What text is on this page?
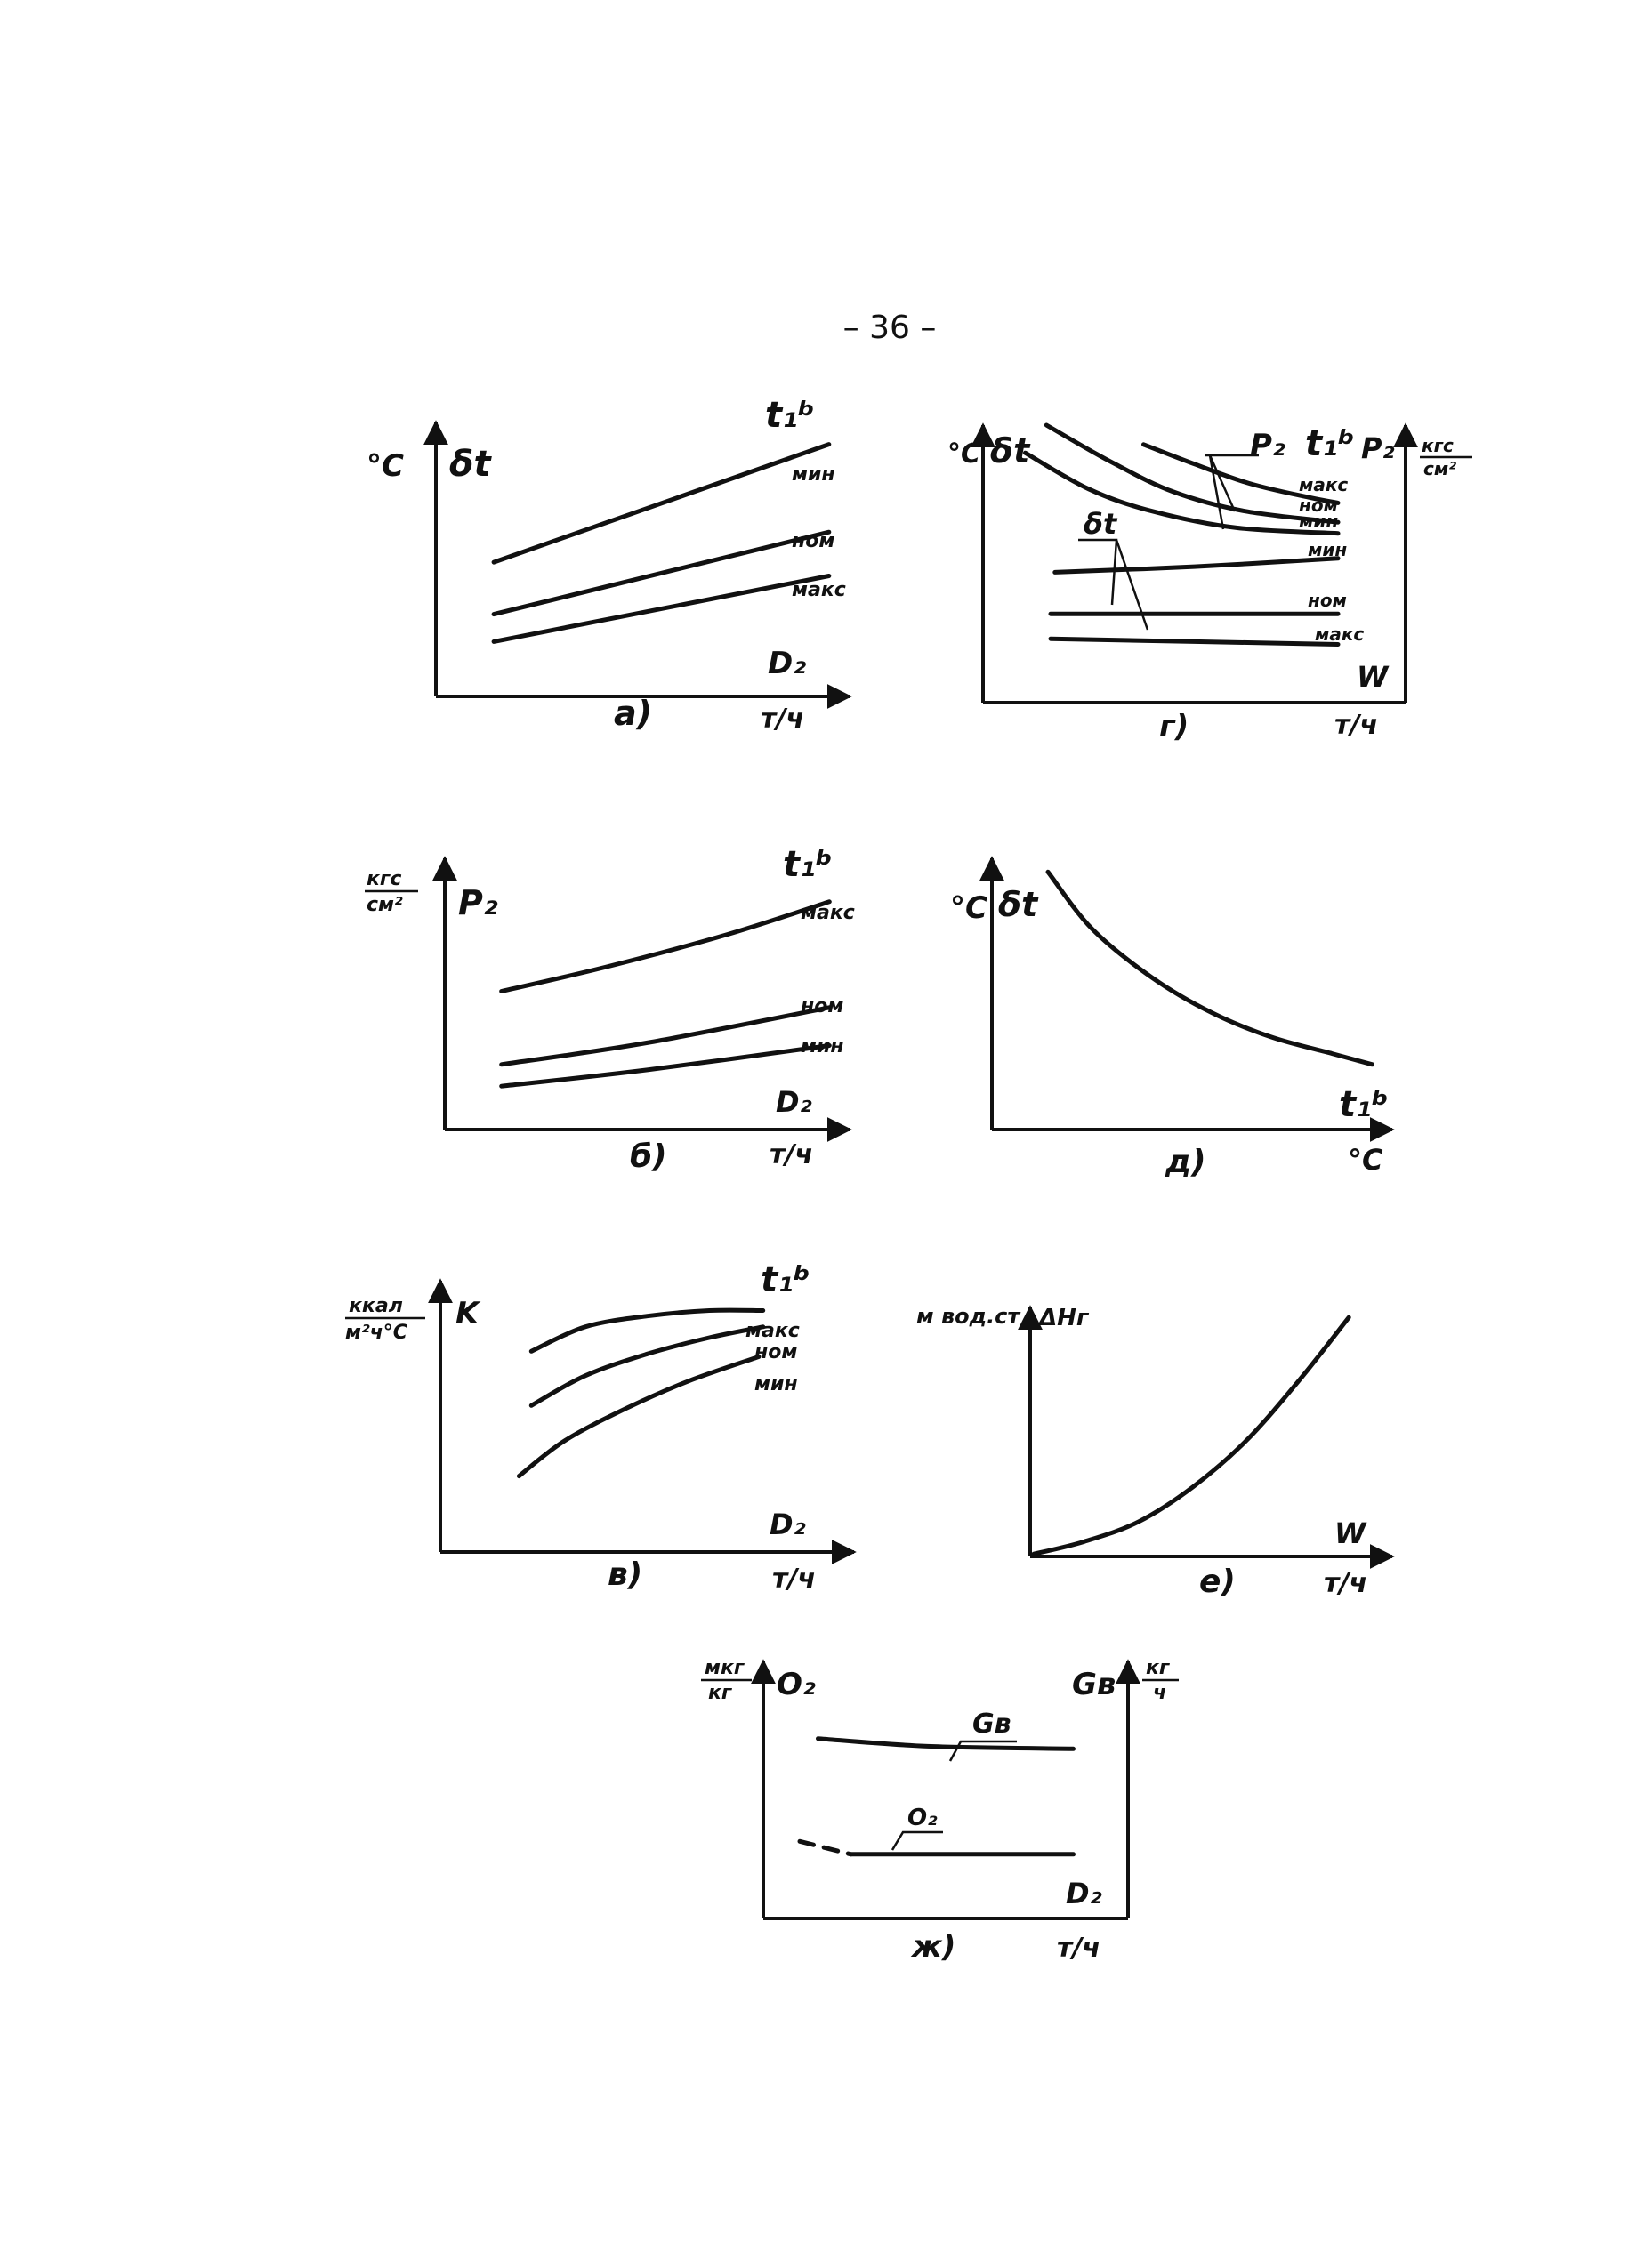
– 36 –
°C δt
t₁ᵇ
D₂
т/ч
а)
мин
ном
макс
°C δt	P₂ t₁ᵇ P₂ кгс
см²
δt
W
т/ч
г)
макс
ном
мин
мин
ном
макс
кгс
см² P₂
t₁ᵇ
D₂
т/ч
б)
макс
ном
мин
°C δt
t₁ᵇ
°C
д)
ккал
м²ч°C
K
t₁ᵇ
D₂
т/ч
в)
макс
ном
мин
м вод.ст ΔHг
W
т/ч
е)
мкг
кг O₂	Gв кг
ч
D₂
т/ч
ж)
Gв
O₂
